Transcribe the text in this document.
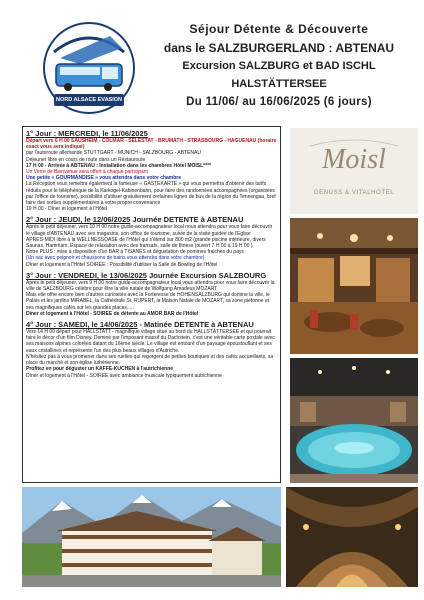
NORD ALSACE EVASION
Séjour Détente & Découverte
dans le SALZBURGERLAND : ABTENAU
Excursion SALZBURG et BAD ISCHL
HALSTÄTTERSEE
Du 11/06/ au 16/06/2025 (6 jours)
1° Jour : MERCREDI, le 11/06/2025

Départ vers 6 H 00 SAUSHEIM - COLMAR - SELESTAT - BRUMATH - STRASBOURG - HAGUENAU (horaire exact vous sera indiqué)

par l'autoroute allemande STUTTGART - MUNICH - SALZBOURG - ABTENAU

Déjeuner libre en cours de route dans un Restauroute

17 H 00 - Arrivée à ABTENAU : Installation dans les chambres Hôtel MOISL****

Un Verre de Bienvenue sera offert à chaque participant

Une petite « GOURMANDISE » vous attendra dans votre chambre

La Réception vous remettra également la fameuse « GÄSTEKARTE » qui vous permettra d'obtenir des tarifs réduits pour le téléphérique de la Karkogel-Kabinenbahn, pour faire des randonnées accompagnées (organisées par l'office de tourisme), possibilité d'utiliser gratuitement certaines lignes de bus de la région du Tennengau, bref faire des sorties supplémentaires à votre propre convenance

19 H 00 - Dîner et logement à l'Hôtel

2° Jour : JEUDI, le 12/06/2025 Journée DETENTE à ABTENAU

Après le petit déjeuner, vers 10 H 00 notre guide-accompagnateur local nous attendra pour vous faire découvrir le village d'ABTENAU avec ses magasins, son office de tourisme, suivie de la visite guidée de l'Eglise

APRES-MIDI libre à la WELLNESSOASE de l'Hôtel qui s'étend sur 800 m2 (grande piscine intérieure, divers Saunas, Hammam, Espace de relaxation avec des transats, salle de fitness (ouvert 7 H 00 à 19 H 00 )

Notre PLUS : mise à disposition d'un BAR à TISANES et dégustation de pommes fraiches du pays

(Un sac avec peignoir et chaussons de bains vous attendra dans votre chambre)

Dîner et logement à l'Hôtel SOIREE : Possibilité d'utiliser la Salle de Bowling de l'Hôtel

3° Jour : VENDREDI, le 13/06/2025 Journée Excursion SALZBOURG

Après le petit déjeuner, vers 9 H 00 notre guide-accompagnateur local vous attendra pour vous faire découvrir la ville de SALZBOURG célèbre pour être la ville natale de Wolfgang Amadeus MOZART

Mais elle offre encore bien d'autres curiosités avec la Forteresse de HOHENSALZBURG qui domine la ville, le Palais et les jardins MIRABEL, la Cathédrale St. RUPERT, la Maison Natale de MOZART, sa zone piétonne et ses magnifiques cafés sur les grandes places.....

Dîner et logement à l'Hôtel - SOIREE de détente au AMOR BAR de l'Hôtel

4° Jour : SAMEDI, le 14/06/2025 - Matinée DETENTE à ABTENAU

Vers 14 H 00 départ pour HALLSTATT - magnifique village situé au bord du HALLSTÄTTERSEE et qui pourrait faire le décor d'un film Disney. Dominé par l'imposant massif du Dachstein, c'est une véritable carte postale avec ses maisons alpines colorées datant du 16ème siècle. Le village est entouré d'un paysage époustouflant et ses eaux cristallines et représente l'un des plus beaux villages d'Autriche.

N'hésitez pas à vous promener dans ses ruelles qui regorgent de petites boutiques et des cafés accueillants, sa place du marché et son église luthérienne.

Profitez en pour déguster un KAFFE-KUCHEN à l'autrichienne

Dîner et logement à l'Hôtel - SOIREE avec ambiance musicale typiquement autrichienne

Moisl
GENUSS & VITALHOTEL
